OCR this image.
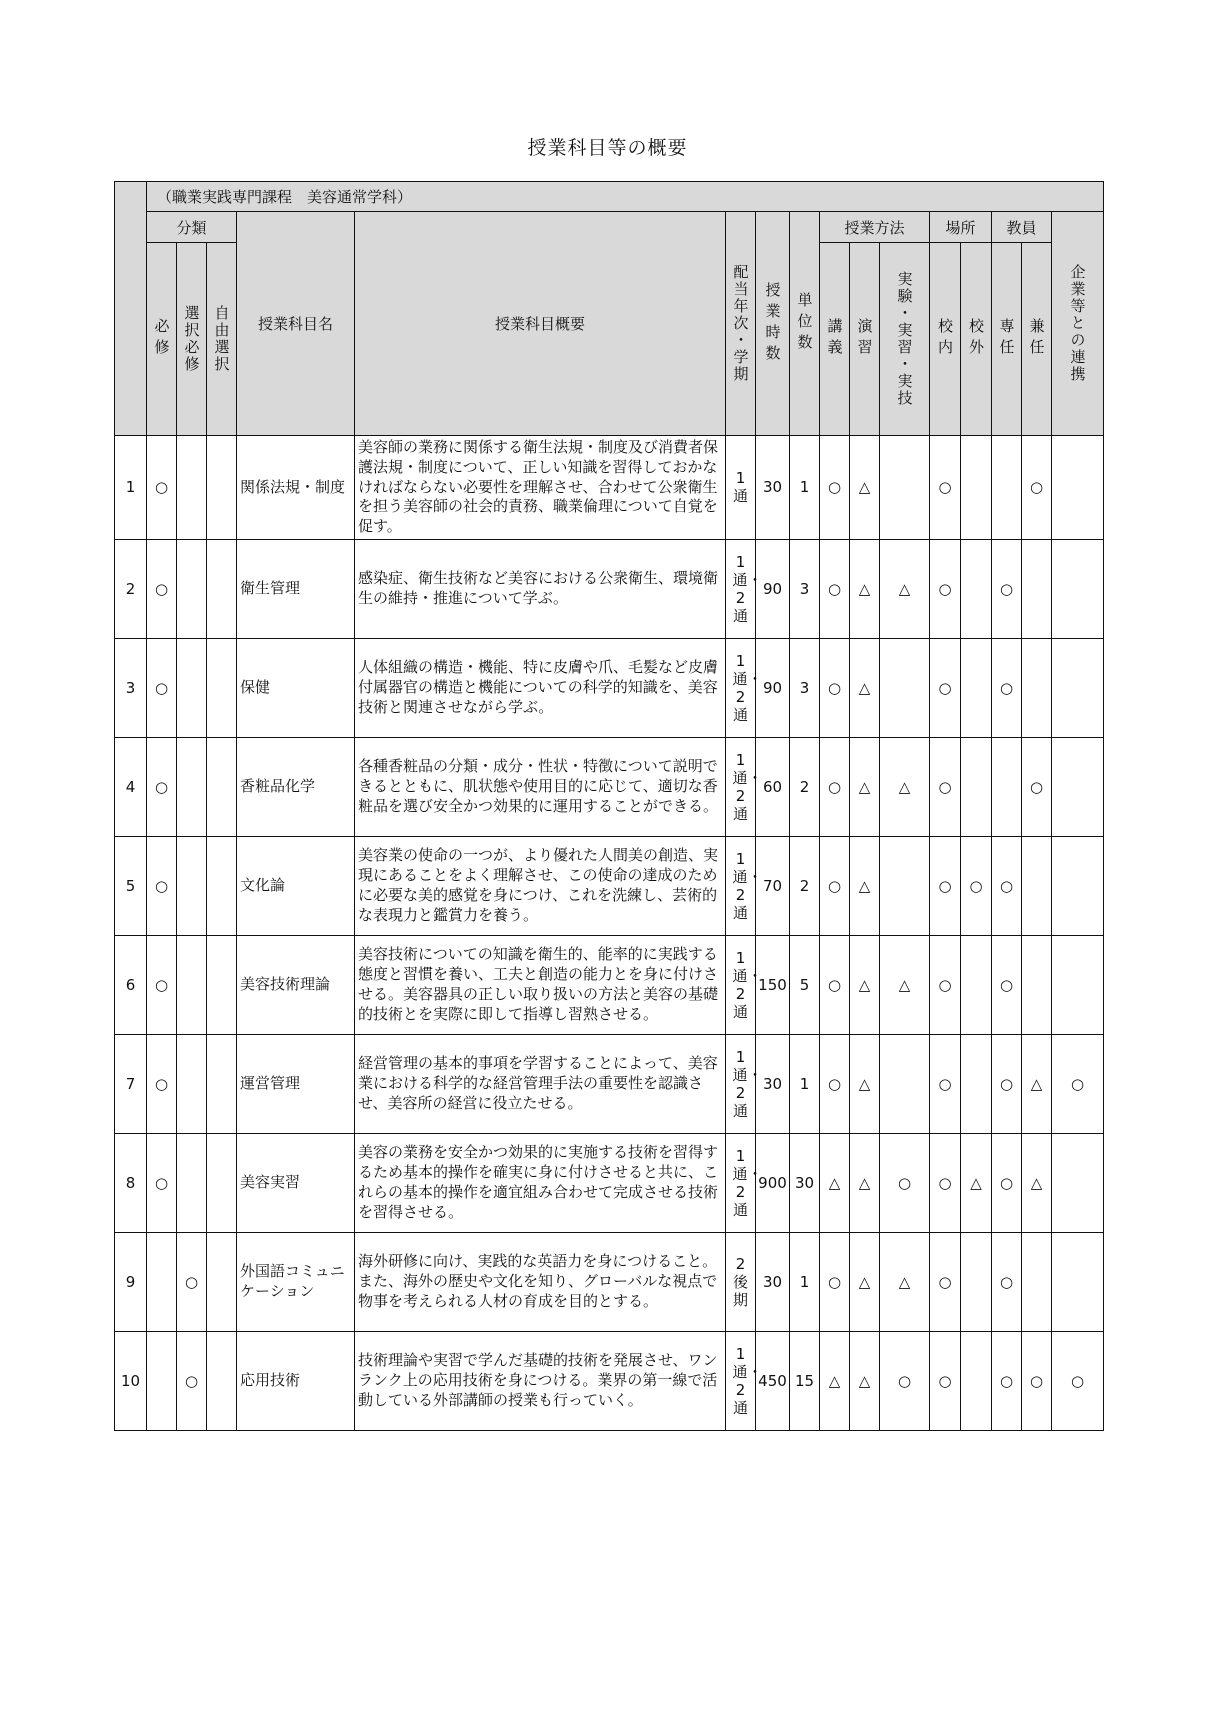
授業科目等の概要
	（職業実践専門課程　美容通常学科）															
	分類			授業科目名	授業科目概要	配当年次・学期	授業時数	単位数	授業方法			場所		教員		企業等との連携

	必修	選択必修	自由選択						講義	演習	実験・実習・実技	校内	校外	専任	兼任	

1	○			関係法規・制度	美容師の業務に関係する衛生法規・制度及び消費者保護法規・制度について、正しい知識を習得しておかなければならない必要性を理解させ、合わせて公衆衛生を担う美容師の社会的責務、職業倫理について自覚を促す。	1通	30	1	○	△		○			○	
2	○			衛生管理	感染症、衛生技術など美容における公衆衛生、環境衛生の維持・推進について学ぶ。	1通・2通	90	3	○	△	△	○		○		
3	○			保健	人体組織の構造・機能、特に皮膚や爪、毛髪など皮膚付属器官の構造と機能についての科学的知識を、美容技術と関連させながら学ぶ。	1通・2通	90	3	○	△		○		○		
4	○			香粧品化学	各種香粧品の分類・成分・性状・特徴について説明できるとともに、肌状態や使用目的に応じて、適切な香粧品を選び安全かつ効果的に運用することができる。	1通・2通	60	2	○	△	△	○			○	
5	○			文化論	美容業の使命の一つが、より優れた人間美の創造、実現にあることをよく理解させ、この使命の達成のために必要な美的感覚を身につけ、これを洗練し、芸術的な表現力と鑑賞力を養う。	1通・2通	70	2	○	△		○	○	○		
6	○			美容技術理論	美容技術についての知識を衛生的、能率的に実践する態度と習慣を養い、工夫と創造の能力とを身に付けさせる。美容器具の正しい取り扱いの方法と美容の基礎的技術とを実際に即して指導し習熟させる。	1通・2通	150	5	○	△	△	○		○		
7	○			運営管理	経営管理の基本的事項を学習することによって、美容業における科学的な経営管理手法の重要性を認識させ、美容所の経営に役立たせる。	1通・2通	30	1	○	△		○		○	△	○
8	○			美容実習	美容の業務を安全かつ効果的に実施する技術を習得するため基本的操作を確実に身に付けさせると共に、これらの基本的操作を適宜組み合わせて完成させる技術を習得させる。	1通・2通	900	30	△	△	○	○	△	○	△	
9		○		外国語コミュニケーション	海外研修に向け、実践的な英語力を身につけること。また、海外の歴史や文化を知り、グローバルな視点で物事を考えられる人材の育成を目的とする。	2後期	30	1	○	△	△	○		○		
10		○		応用技術	技術理論や実習で学んだ基礎的技術を発展させ、ワンランク上の応用技術を身につける。業界の第一線で活動している外部講師の授業も行っていく。	1通・2通	450	15	△	△	○	○		○	○	○
